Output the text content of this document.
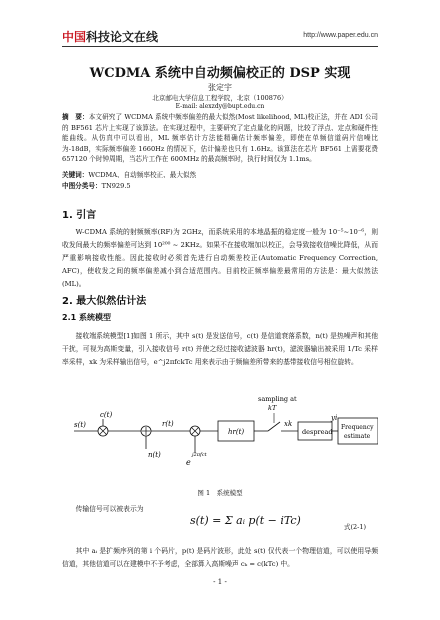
中国科技论文在线	http://www.paper.edu.cn
WCDMA 系统中自动频偏校正的 DSP 实现
张定宇
北京邮电大学信息工程学院，北京（100876）
E-mail: alexzdy@bupt.edu.cn
摘　要：本文研究了 WCDMA 系统中频率偏差的最大似然(Most likelihood, ML)校正法，并在 ADI 公司的 BF561 芯片上实现了该算法。在实现过程中，主要研究了定点量化的问题，比较了浮点、定点和硬件性能曲线。从仿真中可以看出，ML 频率估计方法能精确估计频率偏差，即使在单频信道码片信噪比为-18dB，实际频率偏差 1660Hz 的情况下，估计偏差也只有 1.6Hz。该算法在芯片 BF561 上需要花费 657120 个时钟周期，当芯片工作在 600MHz 的最高频率时，执行时间仅为 1.1ms。
关键词：WCDMA、自动频率校正、最大似然
中图分类号：TN929.5
1. 引言
W-CDMA 系统的射频频率(RF)为 2GHz，而系统采用的本地晶振的稳定度一般为 10⁻⁵~10⁻⁶，则收发间最大的频率偏差可达到 10²⁰⁰ ~ 2KHz。如果不在接收端加以校正，会导致接收信噪比降低，从而严重影响接收性能。因此接收时必须首先进行自动频差校正(Automatic Frequency Correction, AFC)，使收发之间的频率偏差减小到合适范围内。目前校正频率偏差最常用的方法是：最大似然法(ML)。
2. 最大似然估计法
2.1 系统模型
接收端系统模型[1]如图 1 所示，其中 s(t) 是发送信号，c(t) 是信道衰落系数，n(t) 是热噪声和其他干扰，可视为高斯变量，引入接收信号 r(t) 并使之经过接收滤波器 hr(t)，滤波器输出被采用 1/Tc 采样率采样，xk 为采样输出信号，e^j2πfckTc 用来表示由于频偏差所带来的基带接收信号相位旋转。
sampling at
kT
s(t)
c(t)
n(t)
r(t)
e
j2πfct
hr(t)
xk
despread
yi
Frequency
estimate
图 1　系统模型
传输信号可以被表示为
s(t) = Σ aᵢ p(t − iTc)	式(2-1)
其中 aᵢ 是扩频序列的第 i 个码片，p(t) 是码片波形，此处 s(t) 仅代表一个物理信道，可以使用导频信道，其他信道可以在建模中不予考虑，全部算入高斯噪声 cₖ = c(kTc) 中。
- 1 -
